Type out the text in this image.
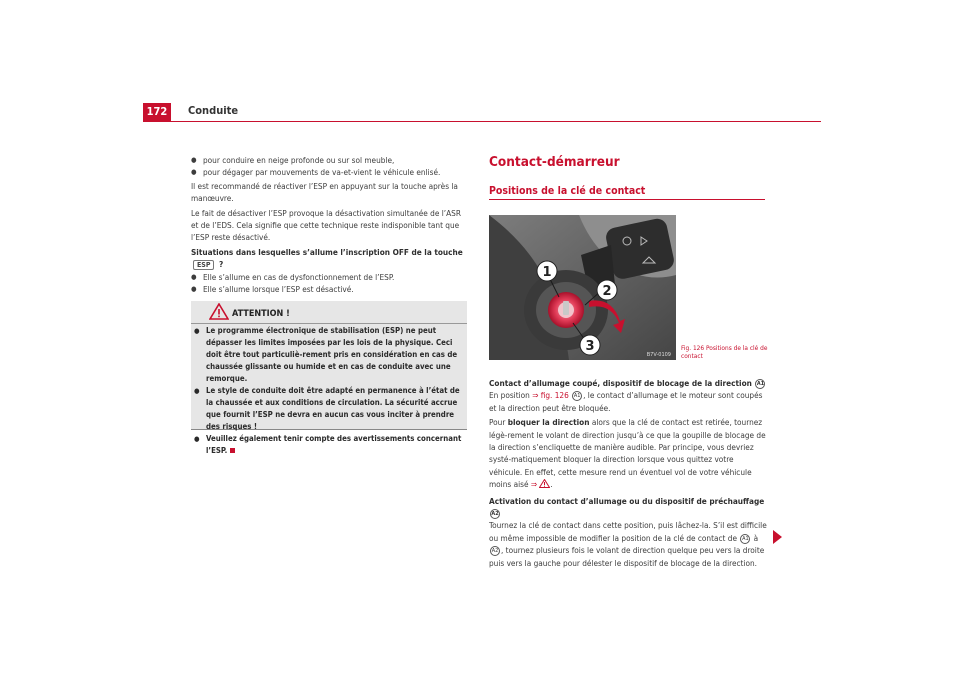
172	Conduite
● pour conduire en neige profonde ou sur sol meuble,
● pour dégager par mouvements de va-et-vient le véhicule enlisé.
Il est recommandé de réactiver l’ESP en appuyant sur la touche après la manœuvre.
Le fait de désactiver l’ESP provoque la désactivation simultanée de l’ASR et de l’EDS. Cela signifie que cette technique reste indisponible tant que l’ESP reste désactivé.
Situations dans lesquelles s’allume l’inscription OFF de la touche ESP ?
● Elle s’allume en cas de dysfonctionnement de l’ESP.
● Elle s’allume lorsque l’ESP est désactivé.
ATTENTION !
● Le programme électronique de stabilisation (ESP) ne peut dépasser les limites imposées par les lois de la physique. Ceci doit être tout particuliè-rement pris en considération en cas de chaussée glissante ou humide et en cas de conduite avec une remorque.
● Le style de conduite doit être adapté en permanence à l’état de la chaussée et aux conditions de circulation. La sécurité accrue que fournit l’ESP ne devra en aucun cas vous inciter à prendre des risques !
● Veuillez également tenir compte des avertissements concernant l’ESP.
Contact-démarreur
Positions de la clé de contact
1
2
3
B7V-0109
Fig. 126 Positions de la clé de contact
Contact d’allumage coupé, dispositif de blocage de la direction A1
En position ⇒ fig. 126 A1 , le contact d’allumage et le moteur sont coupés et la direction peut être bloquée.
Pour bloquer la direction alors que la clé de contact est retirée, tournez légè-rement le volant de direction jusqu’à ce que la goupille de blocage de la direction s’encliquette de manière audible. Par principe, vous devriez systé-matiquement bloquer la direction lorsque vous quittez votre véhicule. En effet, cette mesure rend un éventuel vol de votre véhicule moins aisé ⇒ .
Activation du contact d’allumage ou du dispositif de préchauffage A2
Tournez la clé de contact dans cette position, puis lâchez-la. S’il est difficile ou même impossible de modifier la position de la clé de contact de A1 à A2 , tournez plusieurs fois le volant de direction quelque peu vers la droite puis vers la gauche pour délester le dispositif de blocage de la direction.
